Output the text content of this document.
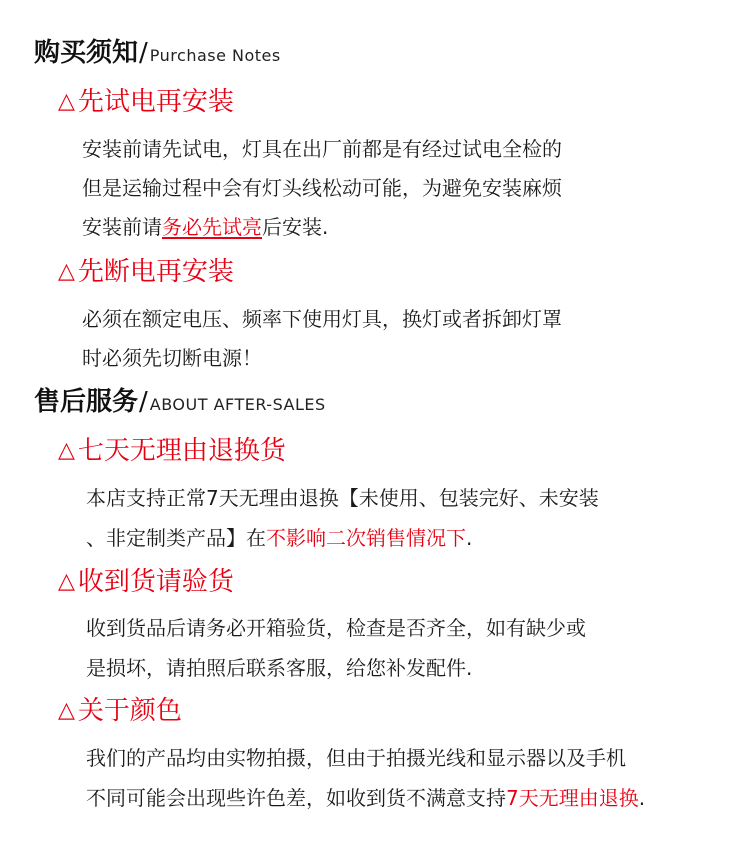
购买须知/ Purchase Notes
△ 先试电再安装
安装前请先试电，灯具在出厂前都是有经过试电全检的
但是运输过程中会有灯头线松动可能，为避免安装麻烦
安装前请务必先试亮后安装.
△ 先断电再安装
必须在额定电压、频率下使用灯具，换灯或者拆卸灯罩
时必须先切断电源！
售后服务/ ABOUT AFTER-SALES
△ 七天无理由退换货
本店支持正常7天无理由退换【未使用、包装完好、未安装
、非定制类产品】在不影响二次销售情况下.
△ 收到货请验货
收到货品后请务必开箱验货，检查是否齐全，如有缺少或
是损坏，请拍照后联系客服，给您补发配件.
△ 关于颜色
我们的产品均由实物拍摄，但由于拍摄光线和显示器以及手机
不同可能会出现些许色差，如收到货不满意支持7天无理由退换.
